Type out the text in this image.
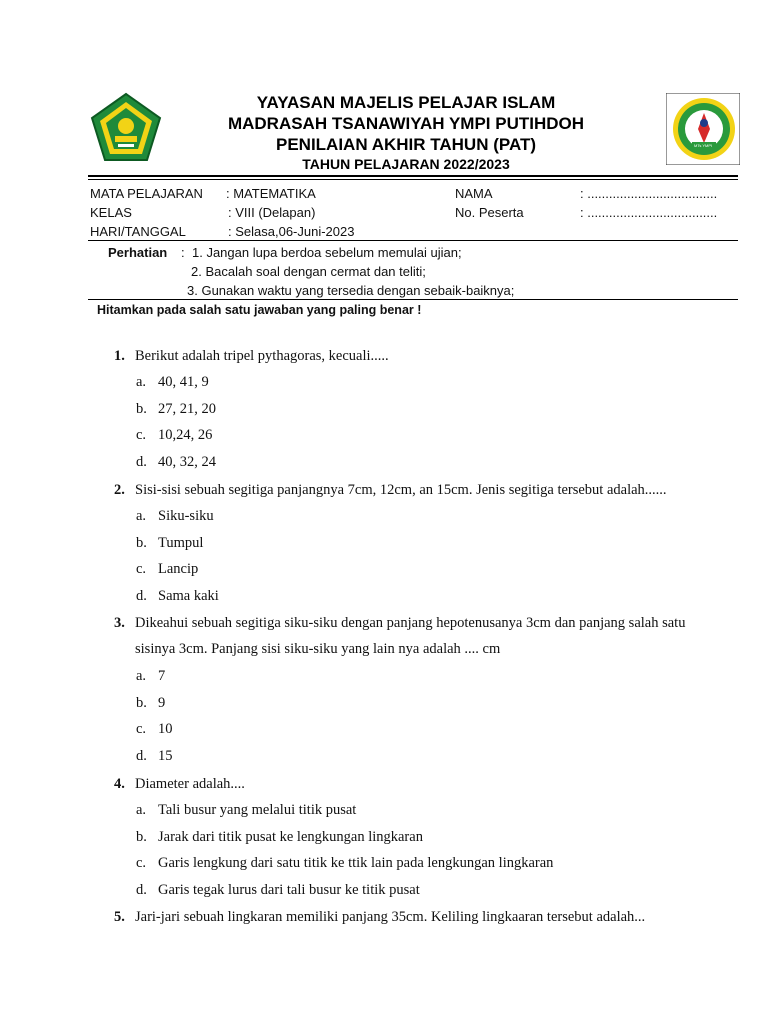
MTs YMPI
YAYASAN MAJELIS PELAJAR ISLAM
MADRASAH TSANAWIYAH YMPI PUTIHDOH
PENILAIAN AKHIR TAHUN (PAT)
TAHUN PELAJARAN 2022/2023
MATA PELAJARAN : MATEMATIKA
KELAS	: VIII (Delapan)
HARI/TANGGAL	: Selasa,06-Juni-2023
NAMA	: ....................................
No. Peserta	: ....................................
Perhatian : 1. Jangan lupa berdoa sebelum memulai ujian;
2. Bacalah soal dengan cermat dan teliti;
3. Gunakan waktu yang tersedia dengan sebaik-baiknya;
Hitamkan pada salah satu jawaban yang paling benar !
1. Berikut adalah tripel pythagoras, kecuali.....
a. 40, 41, 9
b. 27, 21, 20
c. 10,24, 26
d. 40, 32, 24
2. Sisi-sisi sebuah segitiga panjangnya 7cm, 12cm, an 15cm. Jenis segitiga tersebut adalah......
a. Siku-siku
b. Tumpul
c. Lancip
d. Sama kaki
3. Dikeahui sebuah segitiga siku-siku dengan panjang hepotenusanya 3cm dan panjang salah satu
sisinya 3cm. Panjang sisi siku-siku yang lain nya adalah .... cm
a. 7
b. 9
c. 10
d. 15
4. Diameter adalah....
a. Tali busur yang melalui titik pusat
b. Jarak dari titik pusat ke lengkungan lingkaran
c. Garis lengkung dari satu titik ke ttik lain pada lengkungan lingkaran
d. Garis tegak lurus dari tali busur ke titik pusat
5. Jari-jari sebuah lingkaran memiliki panjang 35cm. Keliling lingkaaran tersebut adalah...
